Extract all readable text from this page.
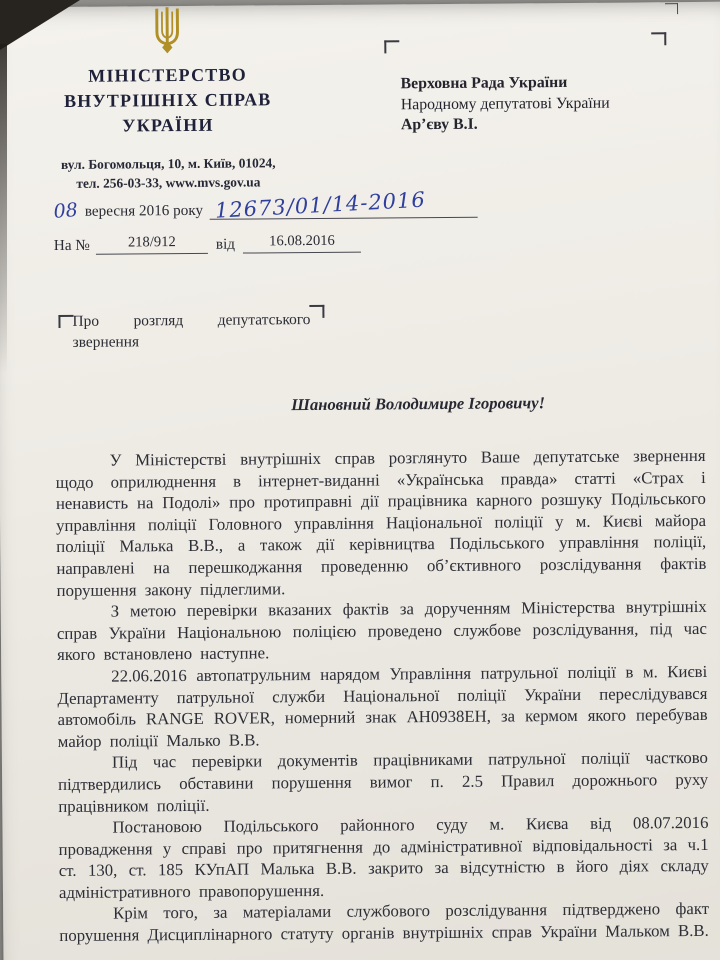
МІНІСТЕРСТВО
ВНУТРІШНІХ СПРАВ
УКРАЇНИ
вул. Богомольця, 10, м. Київ, 01024,
тел. 256-03-33, www.mvs.gov.ua
Верховна Рада України
Народному депутатові України
Ар’єву В.І.
08 вересня 2016 року 12673/01/14-2016
На №	218/912	від	16.08.2016
Про розгляд депутатського звернення
Шановний Володимире Ігоровичу!

У Міністерстві внутрішніх справ розглянуто Ваше депутатське звернення щодо оприлюднення в інтернет-виданні «Українська правда» статті «Страх і ненависть на Подолі» про протиправні дії працівника карного розшуку Подільського управління поліції Головного управління Національної поліції у м. Києві майора поліції Малька В.В., а також дії керівництва Подільського управління поліції, направлені на перешкоджання проведенню об’єктивного розслідування фактів порушення закону підлеглими.

З метою перевірки вказаних фактів за дорученням Міністерства внутрішніх справ України Національною поліцією проведено службове розслідування, під час якого встановлено наступне.

22.06.2016 автопатрульним нарядом Управління патрульної поліції в м. Києві Департаменту патрульної служби Національної поліції України переслідувався автомобіль RANGE ROVER, номерний знак АН0938ЕН, за кермом якого перебував майор поліції Малько В.В.

Під час перевірки документів працівниками патрульної поліції частково підтвердились обставини порушення вимог п. 2.5 Правил дорожнього руху працівником поліції.

Постановою Подільського районного суду м. Києва від 08.07.2016 провадження у справі про притягнення до адміністративної відповідальності за ч.1 ст. 130, ст. 185 КУпАП Малька В.В. закрито за відсутністю в його діях складу адміністративного правопорушення.

Крім того, за матеріалами службового розслідування підтверджено факт порушення Дисциплінарного статуту органів внутрішніх справ України Мальком В.В.
